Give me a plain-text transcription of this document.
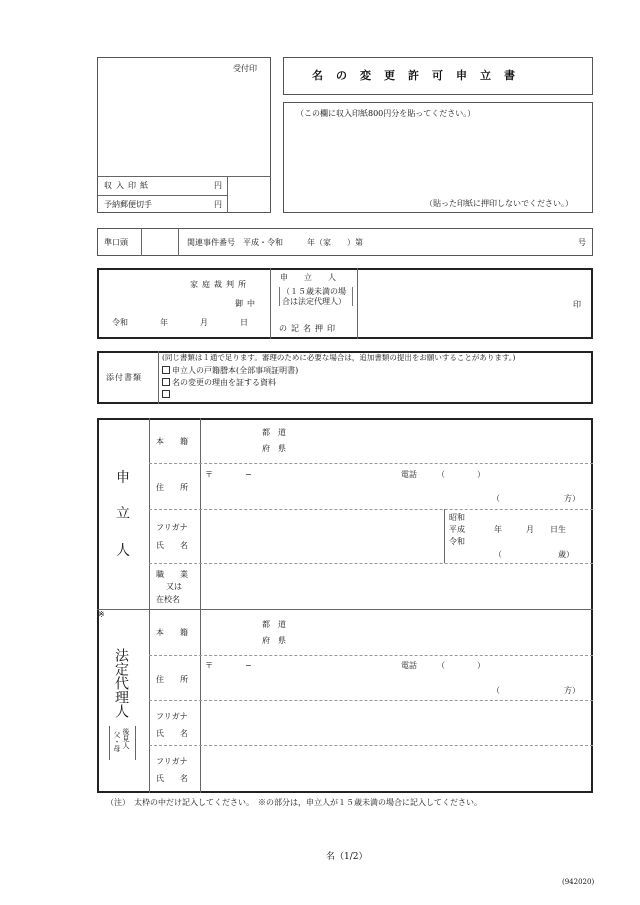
受付印
収入印紙	円
予納郵便切手	円
名の変更許可申立書
（この欄に収入印紙800円分を貼ってください。）
（貼った印紙に押印しないでください。）
準口頭	関連事件番号　平成・令和　　　年（家　　）第	号
家庭裁判所
御中
令和　　　　年　　　　月　　　　日
申　立　人
（１５歳未満の場合は法定代理人）
の記名押印
印
添付書類
(同じ書類は１通で足ります。審理のために必要な場合は，追加書類の提出をお願いすることがあります。)
申立人の戸籍謄本(全部事項証明書)
名の変更の理由を証する資料
申
立
人
本　　籍
都　道
府　県
住　　所
〒　　　　−	電話　　　（　　　　）
（　　　　　　　　方）
フリガナ
氏　　名
昭和
平成
令和
年　　　月　　日生
（　　　　　　　歳）
職　　業
又は
在校名
※
法定代理人
後見人
父・母
本　　籍
都　道
府　県
住　　所
〒　　　　−	電話　　　（　　　　）
（　　　　　　　　方）
フリガナ
氏　　名
フリガナ
氏　　名
（注）　太枠の中だけ記入してください。　※の部分は，申立人が１５歳未満の場合に記入してください。
名（1/2）
(942020)
